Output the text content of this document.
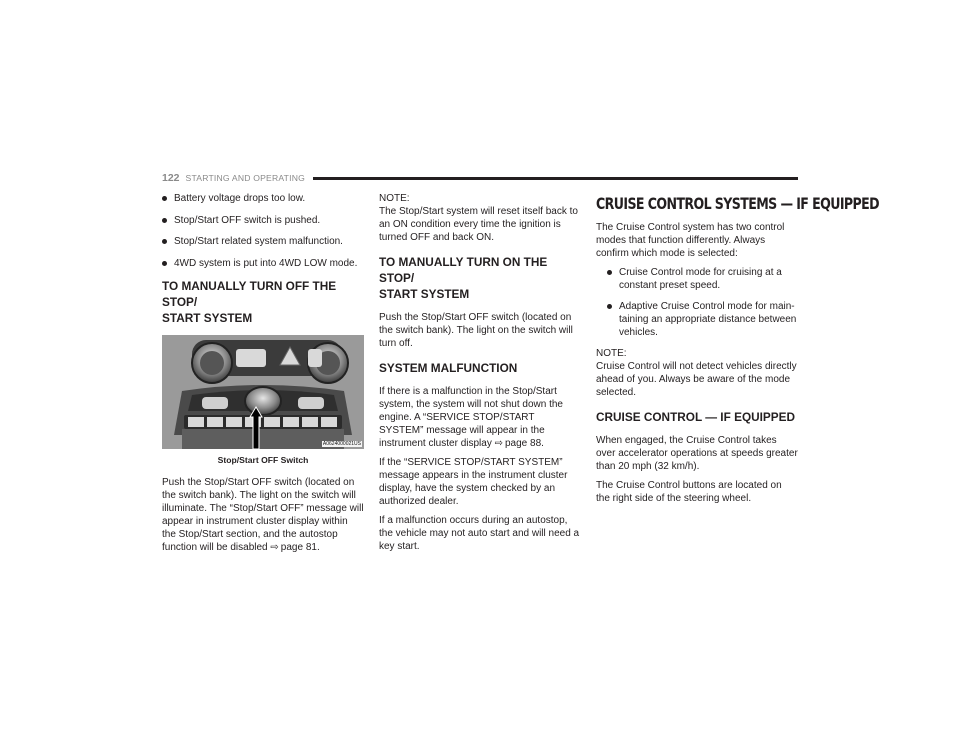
122 STARTING AND OPERATING
Battery voltage drops too low.
Stop/Start OFF switch is pushed.
Stop/Start related system malfunction.
4WD system is put into 4WD LOW mode.
TO MANUALLY TURN OFF THE STOP/
START SYSTEM
A0624000021US
Stop/Start OFF Switch

Push the Stop/Start OFF switch (located on the switch bank). The light on the switch will illuminate. The “Stop/Start OFF” message will appear in instrument cluster display within the Stop/Start section, and the autostop function will be disabled ⇨ page 81.

NOTE:

The Stop/Start system will reset itself back to an ON condition every time the ignition is turned OFF and back ON.

TO MANUALLY TURN ON THE STOP/
START SYSTEM

Push the Stop/Start OFF switch (located on the switch bank). The light on the switch will turn off.

SYSTEM MALFUNCTION

If there is a malfunction in the Stop/Start system, the system will not shut down the engine. A “SERVICE STOP/START SYSTEM” message will appear in the instrument cluster display ⇨ page 88.

If the “SERVICE STOP/START SYSTEM” message appears in the instrument cluster display, have the system checked by an authorized dealer.

If a malfunction occurs during an autostop, the vehicle may not auto start and will need a key start.

CRUISE CONTROL SYSTEMS — IF EQUIPPED

The Cruise Control system has two control modes that function differently. Always confirm which mode is selected:

Cruise Control mode for cruising at a constant preset speed.
Adaptive Cruise Control mode for main-taining an appropriate distance between vehicles.

NOTE:

Cruise Control will not detect vehicles directly ahead of you. Always be aware of the mode selected.

CRUISE CONTROL — IF EQUIPPED

When engaged, the Cruise Control takes over accelerator operations at speeds greater than 20 mph (32 km/h).

The Cruise Control buttons are located on the right side of the steering wheel.
